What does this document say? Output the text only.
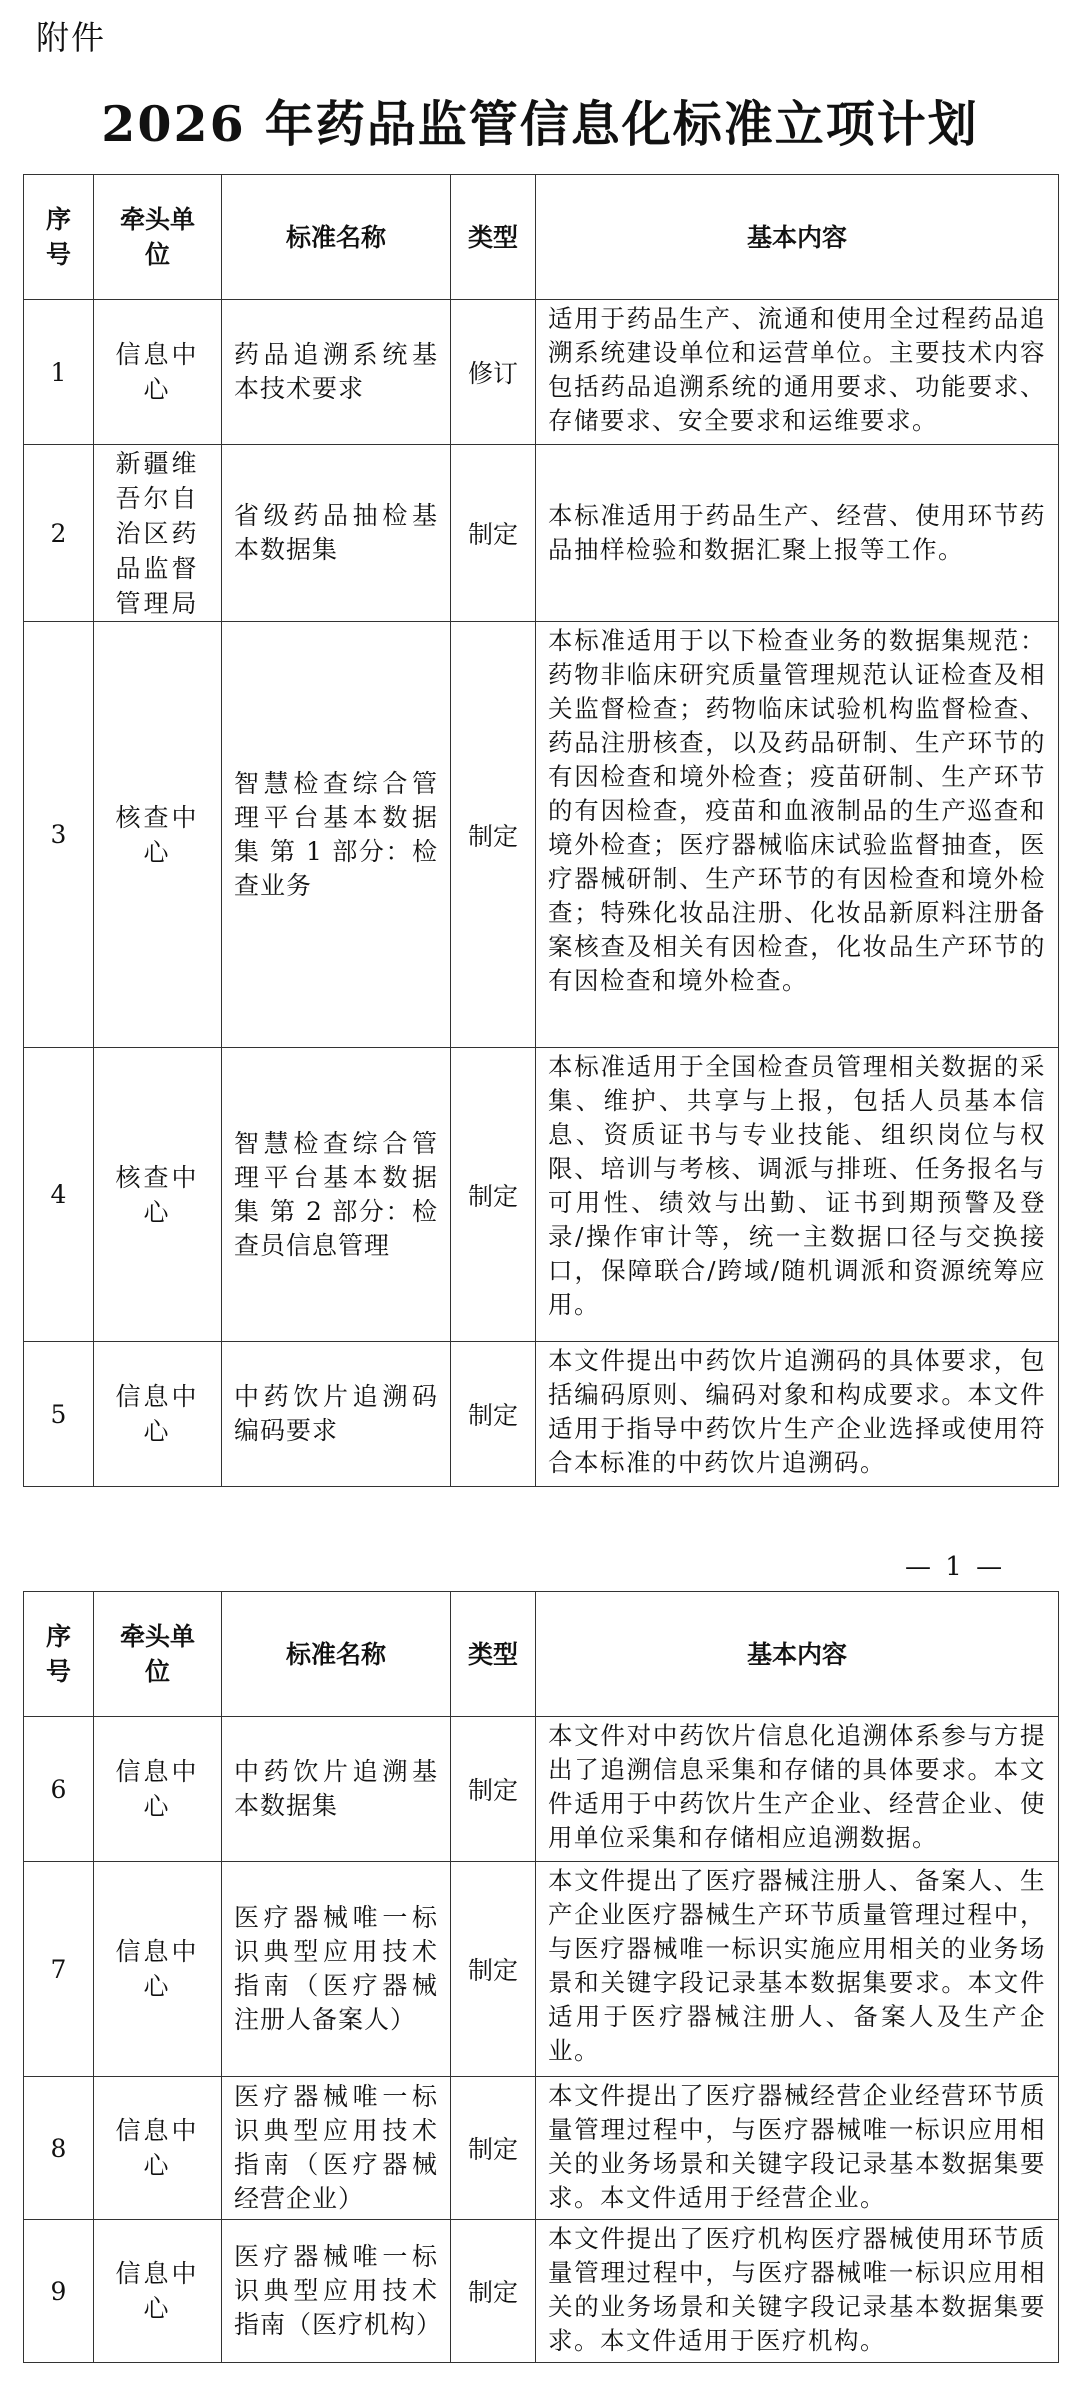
附件
2026 年药品监管信息化标准立项计划
序号	牵头单位	标准名称	类型	基本内容
1	信息中心	药品追溯系统基本技术要求	修订	适用于药品生产、流通和使用全过程药品追溯系统建设单位和运营单位。主要技术内容包括药品追溯系统的通用要求、功能要求、存储要求、安全要求和运维要求。
2	新疆维吾尔自治区药品监督管理局	省级药品抽检基本数据集	制定	本标准适用于药品生产、经营、使用环节药品抽样检验和数据汇聚上报等工作。
3	核查中心	智慧检查综合管理平台基本数据集 第 1 部分：检查业务	制定	本标准适用于以下检查业务的数据集规范：药物非临床研究质量管理规范认证检查及相关监督检查；药物临床试验机构监督检查、药品注册核查，以及药品研制、生产环节的有因检查和境外检查；疫苗研制、生产环节的有因检查，疫苗和血液制品的生产巡查和境外检查；医疗器械临床试验监督抽查，医疗器械研制、生产环节的有因检查和境外检查；特殊化妆品注册、化妆品新原料注册备案核查及相关有因检查，化妆品生产环节的有因检查和境外检查。
4	核查中心	智慧检查综合管理平台基本数据集 第 2 部分：检查员信息管理	制定	本标准适用于全国检查员管理相关数据的采集、维护、共享与上报，包括人员基本信息、资质证书与专业技能、组织岗位与权限、培训与考核、调派与排班、任务报名与可用性、绩效与出勤、证书到期预警及登录/操作审计等，统一主数据口径与交换接口，保障联合/跨域/随机调派和资源统筹应用。
5	信息中心	中药饮片追溯码编码要求	制定	本文件提出中药饮片追溯码的具体要求，包括编码原则、编码对象和构成要求。本文件适用于指导中药饮片生产企业选择或使用符合本标准的中药饮片追溯码。
— 1 —
序号	牵头单位	标准名称	类型	基本内容
6	信息中心	中药饮片追溯基本数据集	制定	本文件对中药饮片信息化追溯体系参与方提出了追溯信息采集和存储的具体要求。本文件适用于中药饮片生产企业、经营企业、使用单位采集和存储相应追溯数据。
7	信息中心	医疗器械唯一标识典型应用技术指南（医疗器械注册人备案人）	制定	本文件提出了医疗器械注册人、备案人、生产企业医疗器械生产环节质量管理过程中，与医疗器械唯一标识实施应用相关的业务场景和关键字段记录基本数据集要求。本文件适用于医疗器械注册人、备案人及生产企业。
8	信息中心	医疗器械唯一标识典型应用技术指南（医疗器械经营企业）	制定	本文件提出了医疗器械经营企业经营环节质量管理过程中，与医疗器械唯一标识应用相关的业务场景和关键字段记录基本数据集要求。本文件适用于经营企业。
9	信息中心	医疗器械唯一标识典型应用技术指南（医疗机构）	制定	本文件提出了医疗机构医疗器械使用环节质量管理过程中，与医疗器械唯一标识应用相关的业务场景和关键字段记录基本数据集要求。本文件适用于医疗机构。
